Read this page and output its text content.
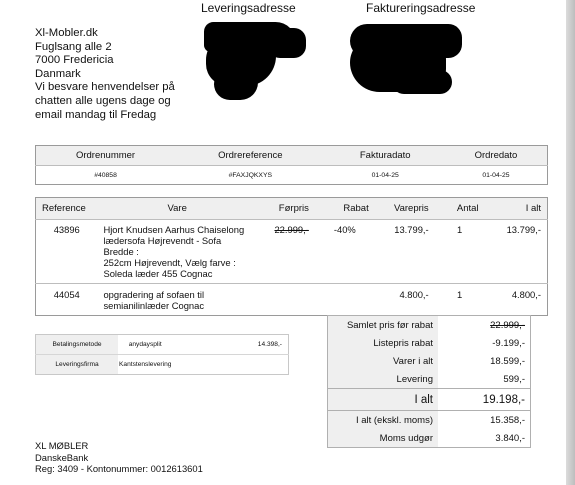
Xl-Mobler.dk
Fuglsang alle 2
7000 Fredericia
Danmark
Vi besvare henvendelser på
chatten alle ugens dage og
email mandag til Fredag
Leveringsadresse	Faktureringsadresse
Ordrenummer	Ordrereference	Fakturadato	Ordredato
#40858	#FAXJQKXYS	01-04-25	01-04-25
Reference	Vare	Førpris	Rabat	Varepris	Antal	I alt
43896	Hjort Knudsen Aarhus Chaiselong
lædersofa Højrevendt - Sofa Bredde :
252cm Højrevendt, Vælg farve :
Soleda læder 455 Cognac	22.999,-	-40%	13.799,-	1	13.799,-
44054	opgradering af sofaen til
semianilinlæder Cognac			4.800,-	1	4.800,-
Betalingsmetode	anydaysplit	14.398,-
Leveringsfirma	Kantstenslevering	
Samlet pris før rabat	22.999,-
Listepris rabat	-9.199,-
Varer i alt	18.599,-
Levering	599,-
I alt	19.198,-
I alt (ekskl. moms)	15.358,-
Moms udgør	3.840,-
XL MØBLER
DanskeBank
Reg: 3409 - Kontonummer: 0012613601
